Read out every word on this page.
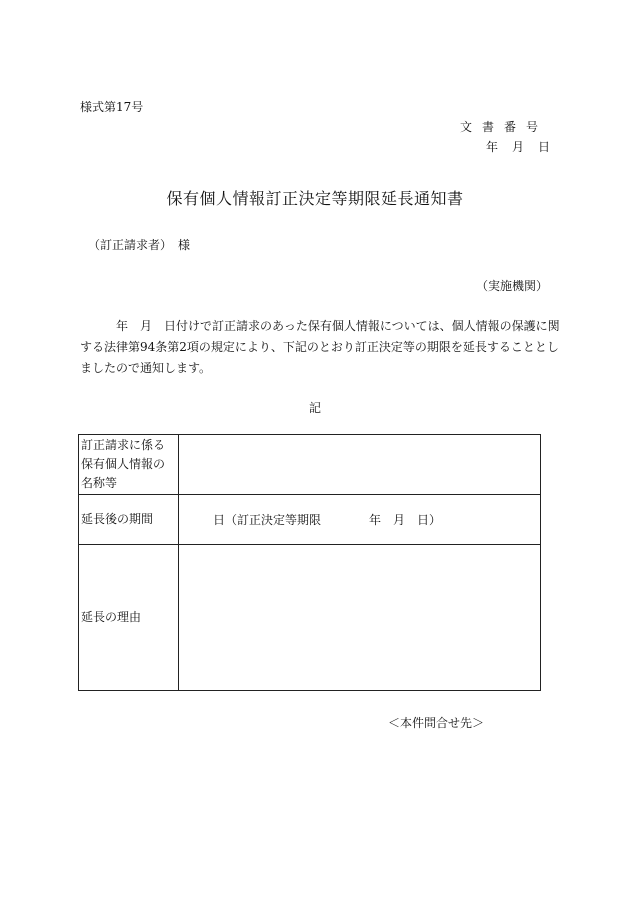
様式第17号
文書番号
年 月 日
保有個人情報訂正決定等期限延長通知書
（訂正請求者）　様
（実施機関）
年　月　日付けで訂正請求のあった保有個人情報については、個人情報の保護に関
する法律第94条第2項の規定により、下記のとおり訂正決定等の期限を延長することとし
ましたので通知します。
記
訂正請求に係る保有個人情報の名称等	
延長後の期間	日（訂正決定等期限　　　　年　月　日）
延長の理由	
＜本件問合せ先＞
